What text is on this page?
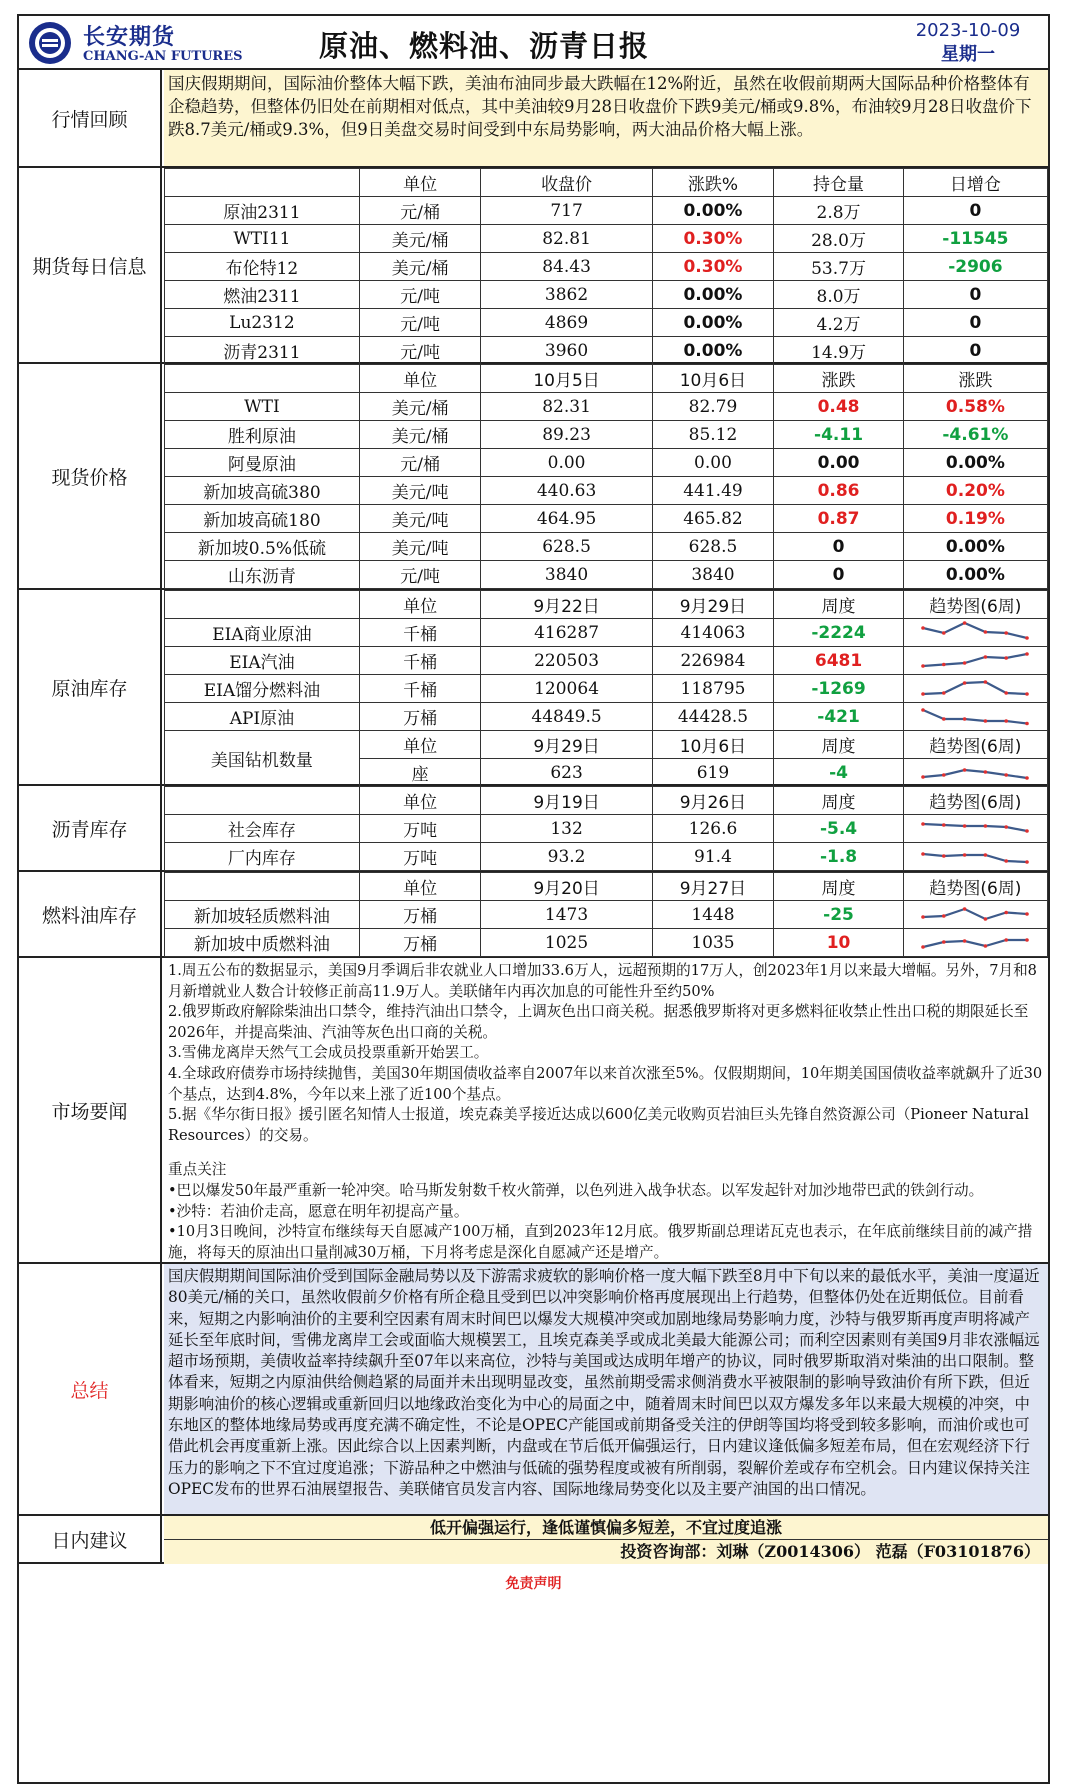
长安期货
CHANG-AN FUTURES	原油、燃料油、沥青日报	2023-10-09
星期一
行情回顾
国庆假期期间，国际油价整体大幅下跌，美油布油同步最大跌幅在12%附近，虽然在收假前期两大国际品种价格整体有企稳趋势，但整体仍旧处在前期相对低点，其中美油较9月28日收盘价下跌9美元/桶或9.8%，布油较9月28日收盘价下跌8.7美元/桶或9.3%，但9日美盘交易时间受到中东局势影响，两大油品价格大幅上涨。
期货每日信息
	单位	收盘价	涨跌%	持仓量	日增仓
原油2311	元/桶	717	0.00%	2.8万	0
WTI11	美元/桶	82.81	0.30%	28.0万	-11545
布伦特12	美元/桶	84.43	0.30%	53.7万	-2906
燃油2311	元/吨	3862	0.00%	8.0万	0
Lu2312	元/吨	4869	0.00%	4.2万	0
沥青2311	元/吨	3960	0.00%	14.9万	0
现货价格
	单位	10月5日	10月6日	涨跌	涨跌
WTI	美元/桶	82.31	82.79	0.48	0.58%
胜利原油	美元/桶	89.23	85.12	-4.11	-4.61%
阿曼原油	元/桶	0.00	0.00	0.00	0.00%
新加坡高硫380	美元/吨	440.63	441.49	0.86	0.20%
新加坡高硫180	美元/吨	464.95	465.82	0.87	0.19%
新加坡0.5%低硫	美元/吨	628.5	628.5	0	0.00%
山东沥青	元/吨	3840	3840	0	0.00%
原油库存
	单位	9月22日	9月29日	周度	趋势图(6周)
EIA商业原油	千桶	416287	414063	-2224	

EIA汽油	千桶	220503	226984	6481	

EIA馏分燃料油	千桶	120064	118795	-1269	

API原油	万桶	44849.5	44428.5	-421	

美国钻机数量	单位	9月29日	10月6日	周度	趋势图(6周)
	座	623	619	-4	
沥青库存
	单位	9月19日	9月26日	周度	趋势图(6周)
社会库存	万吨	132	126.6	-5.4	

厂内库存	万吨	93.2	91.4	-1.8	
燃料油库存
	单位	9月20日	9月27日	周度	趋势图(6周)
新加坡轻质燃料油	万桶	1473	1448	-25	

新加坡中质燃料油	万桶	1025	1035	10	
市场要闻

1.周五公布的数据显示，美国9月季调后非农就业人口增加33.6万人，远超预期的17万人，创2023年1月以来最大增幅。另外，7月和8月新增就业人数合计较修正前高11.9万人。美联储年内再次加息的可能性升至约50%

2.俄罗斯政府解除柴油出口禁令，维持汽油出口禁令，上调灰色出口商关税。据悉俄罗斯将对更多燃料征收禁止性出口税的期限延长至2026年，并提高柴油、汽油等灰色出口商的关税。

3.雪佛龙离岸天然气工会成员投票重新开始罢工。

4.全球政府债券市场持续抛售，美国30年期国债收益率自2007年以来首次涨至5%。仅假期期间，10年期美国国债收益率就飙升了近30个基点，达到4.8%，今年以来上涨了近100个基点。

5.据《华尔街日报》援引匿名知情人士报道，埃克森美孚接近达成以600亿美元收购页岩油巨头先锋自然资源公司（Pioneer Natural Resources）的交易。

重点关注

•巴以爆发50年最严重新一轮冲突。哈马斯发射数千枚火箭弹，以色列进入战争状态。以军发起针对加沙地带巴武的铁剑行动。

•沙特：若油价走高，愿意在明年初提高产量。

•10月3日晚间，沙特宣布继续每天自愿减产100万桶，直到2023年12月底。俄罗斯副总理诺瓦克也表示，在年底前继续目前的减产措施，将每天的原油出口量削减30万桶，下月将考虑是深化自愿减产还是增产。

总结
国庆假期期间国际油价受到国际金融局势以及下游需求疲软的影响价格一度大幅下跌至8月中下旬以来的最低水平，美油一度逼近80美元/桶的关口，虽然收假前夕价格有所企稳且受到巴以冲突影响价格再度展现出上行趋势，但整体仍处在近期低位。目前看来，短期之内影响油价的主要利空因素有周末时间巴以爆发大规模冲突或加剧地缘局势影响力度，沙特与俄罗斯再度声明将减产延长至年底时间，雪佛龙离岸工会或面临大规模罢工，且埃克森美孚或成北美最大能源公司；而利空因素则有美国9月非农涨幅远超市场预期，美债收益率持续飙升至07年以来高位，沙特与美国或达成明年增产的协议，同时俄罗斯取消对柴油的出口限制。整体看来，短期之内原油供给侧趋紧的局面并未出现明显改变，虽然前期受需求侧消费水平被限制的影响导致油价有所下跌，但近期影响油价的核心逻辑或重新回归以地缘政治变化为中心的局面之中，随着周末时间巴以双方爆发多年以来最大规模的冲突，中东地区的整体地缘局势或再度充满不确定性，不论是OPEC产能国或前期备受关注的伊朗等国均将受到较多影响，而油价或也可借此机会再度重新上涨。因此综合以上因素判断，内盘或在节后低开偏强运行，日内建议逢低偏多短差布局，但在宏观经济下行压力的影响之下不宜过度追涨；下游品种之中燃油与低硫的强势程度或被有所削弱，裂解价差或存布空机会。日内建议保持关注OPEC发布的世界石油展望报告、美联储官员发言内容、国际地缘局势变化以及主要产油国的出口情况。
日内建议
低开偏强运行，逢低谨慎偏多短差，不宜过度追涨
投资咨询部：刘琳（Z0014306） 范磊（F03101876）
免责声明
